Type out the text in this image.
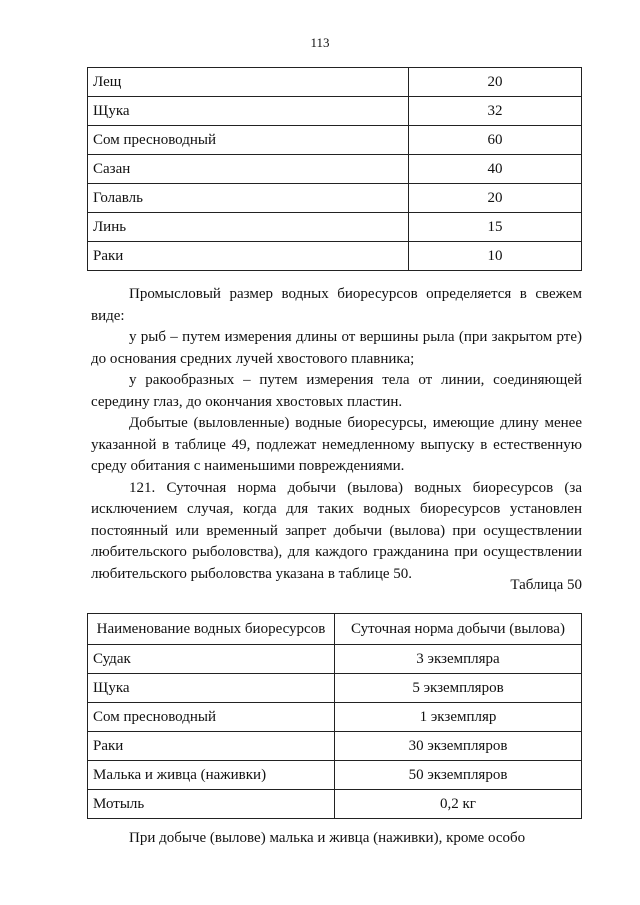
113
Лещ	20
Щука	32
Сом пресноводный	60
Сазан	40
Голавль	20
Линь	15
Раки	10

Промысловый размер водных биоресурсов определяется в свежем виде:

у рыб – путем измерения длины от вершины рыла (при закрытом рте) до основания средних лучей хвостового плавника;

у ракообразных – путем измерения тела от линии, соединяющей середину глаз, до окончания хвостовых пластин.

Добытые (выловленные) водные биоресурсы, имеющие длину менее указанной в таблице 49, подлежат немедленному выпуску в естественную среду обитания с наименьшими повреждениями.

121. Суточная норма добычи (вылова) водных биоресурсов (за исключением случая, когда для таких водных биоресурсов установлен постоянный или временный запрет добычи (вылова) при осуществлении любительского рыболовства), для каждого гражданина при осуществлении любительского рыболовства указана в таблице 50.

Таблица 50
Наименование водных биоресурсов	Суточная норма добычи (вылова)
Судак	3 экземпляра
Щука	5 экземпляров
Сом пресноводный	1 экземпляр
Раки	30 экземпляров
Малька и живца (наживки)	50 экземпляров
Мотыль	0,2 кг

При добыче (вылове) малька и живца (наживки), кроме особо
